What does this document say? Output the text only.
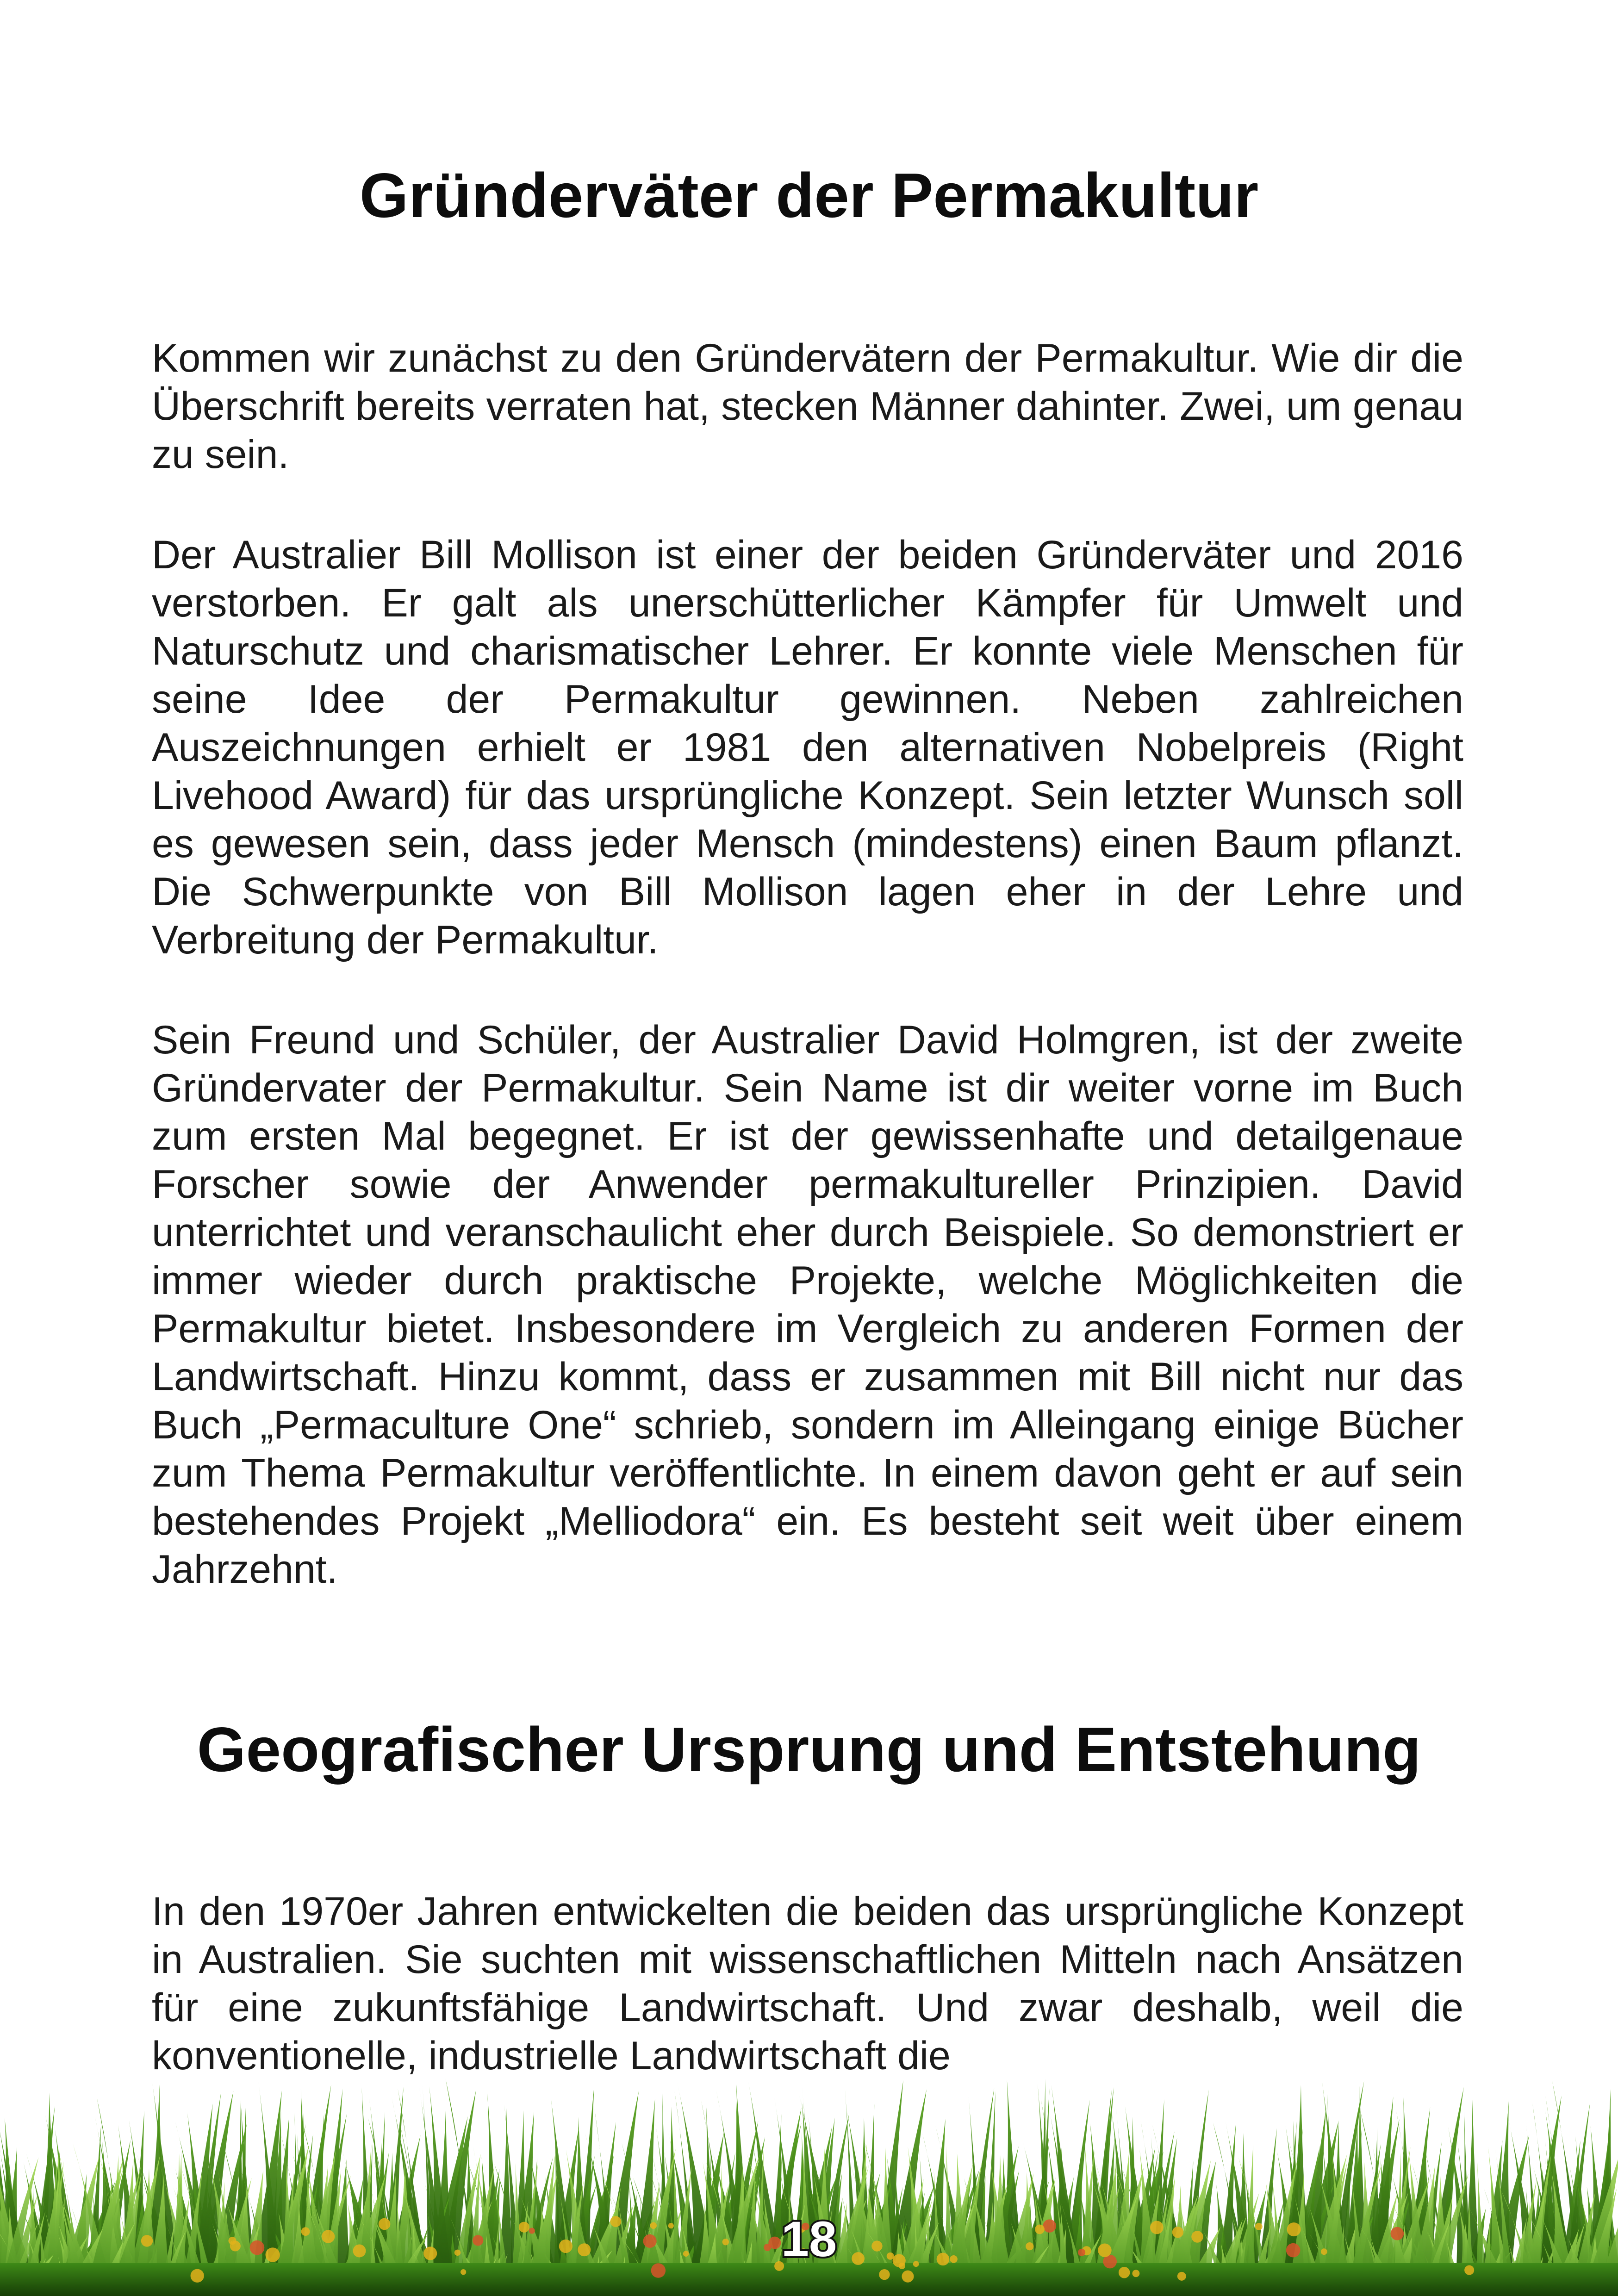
Gründerväter der Permakultur

Kommen wir zunächst zu den Gründervätern der Permakultur. Wie dir die Überschrift bereits verraten hat, stecken Männer dahinter. Zwei, um genau zu sein.

Der Australier Bill Mollison ist einer der beiden Gründerväter und 2016 verstorben. Er galt als unerschütterlicher Kämpfer für Umwelt und Naturschutz und charismatischer Lehrer. Er konnte viele Menschen für seine Idee der Permakultur gewinnen. Neben zahlreichen Auszeichnungen erhielt er 1981 den alternativen Nobelpreis (Right Livehood Award) für das ursprüngliche Konzept. Sein letzter Wunsch soll es gewesen sein, dass jeder Mensch (mindestens) einen Baum pflanzt. Die Schwerpunkte von Bill Mollison lagen eher in der Lehre und Verbreitung der Permakultur.

Sein Freund und Schüler, der Australier David Holmgren, ist der zweite Gründervater der Permakultur. Sein Name ist dir weiter vorne im Buch zum ersten Mal begegnet. Er ist der gewissenhafte und detailgenaue Forscher sowie der Anwender permakultureller Prinzipien. David unterrichtet und veranschaulicht eher durch Beispiele. So demonstriert er immer wieder durch praktische Projekte, welche Möglichkeiten die Permakultur bietet. Insbesondere im Vergleich zu anderen Formen der Landwirtschaft. Hinzu kommt, dass er zusammen mit Bill nicht nur das Buch „Permaculture One“ schrieb, sondern im Alleingang einige Bücher zum Thema Permakultur veröffentlichte. In einem davon geht er auf sein bestehendes Projekt „Melliodora“ ein. Es besteht seit weit über einem Jahrzehnt.

Geografischer Ursprung und Entstehung

In den 1970er Jahren entwickelten die beiden das ursprüngliche Konzept in Australien. Sie suchten mit wissenschaftlichen Mitteln nach Ansätzen für eine zukunftsfähige Landwirtschaft. Und zwar deshalb, weil die konventionelle, industrielle Landwirtschaft die

18
